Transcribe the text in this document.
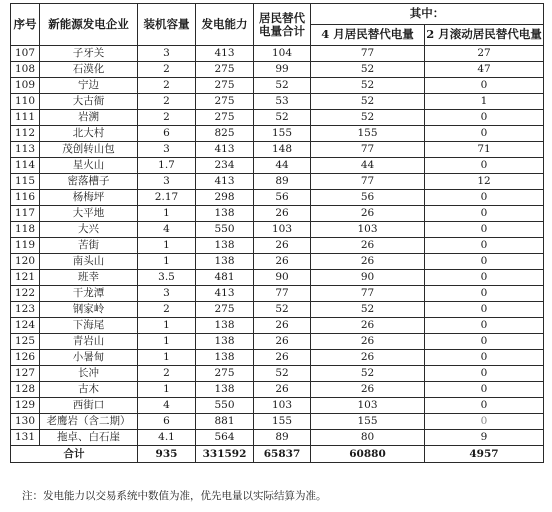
序号	新能源发电企业	装机容量	发电能力	居民替代
电量合计	其中：	
					4 月居民替代电量	2 月滚动居民替代电量
107	子牙关	3	413	104	77	27
108	石漠化	2	275	99	52	47
109	宁边	2	275	52	52	0
110	大古衙	2	275	53	52	1
111	岩溯	2	275	52	52	0
112	北大村	6	825	155	155	0
113	茂创转山包	3	413	148	77	71
114	星火山	1.7	234	44	44	0
115	密落槽子	3	413	89	77	12
116	杨梅坪	2.17	298	56	56	0
117	大平地	1	138	26	26	0
118	大兴	4	550	103	103	0
119	苦街	1	138	26	26	0
120	南头山	1	138	26	26	0
121	班幸	3.5	481	90	90	0
122	干龙潭	3	413	77	77	0
123	钢家岭	2	275	52	52	0
124	下海尾	1	138	26	26	0
125	青岩山	1	138	26	26	0
126	小暑甸	1	138	26	26	0
127	长冲	2	275	52	52	0
128	古木	1	138	26	26	0
129	西街口	4	550	103	103	0
130	老鹰岩（含二期）	6	881	155	155	0
131	拖卓、白石崖	4.1	564	89	80	9
合计		935	331592	65837	60880	4957
注：发电能力以交易系统中数值为准，优先电量以实际结算为准。
